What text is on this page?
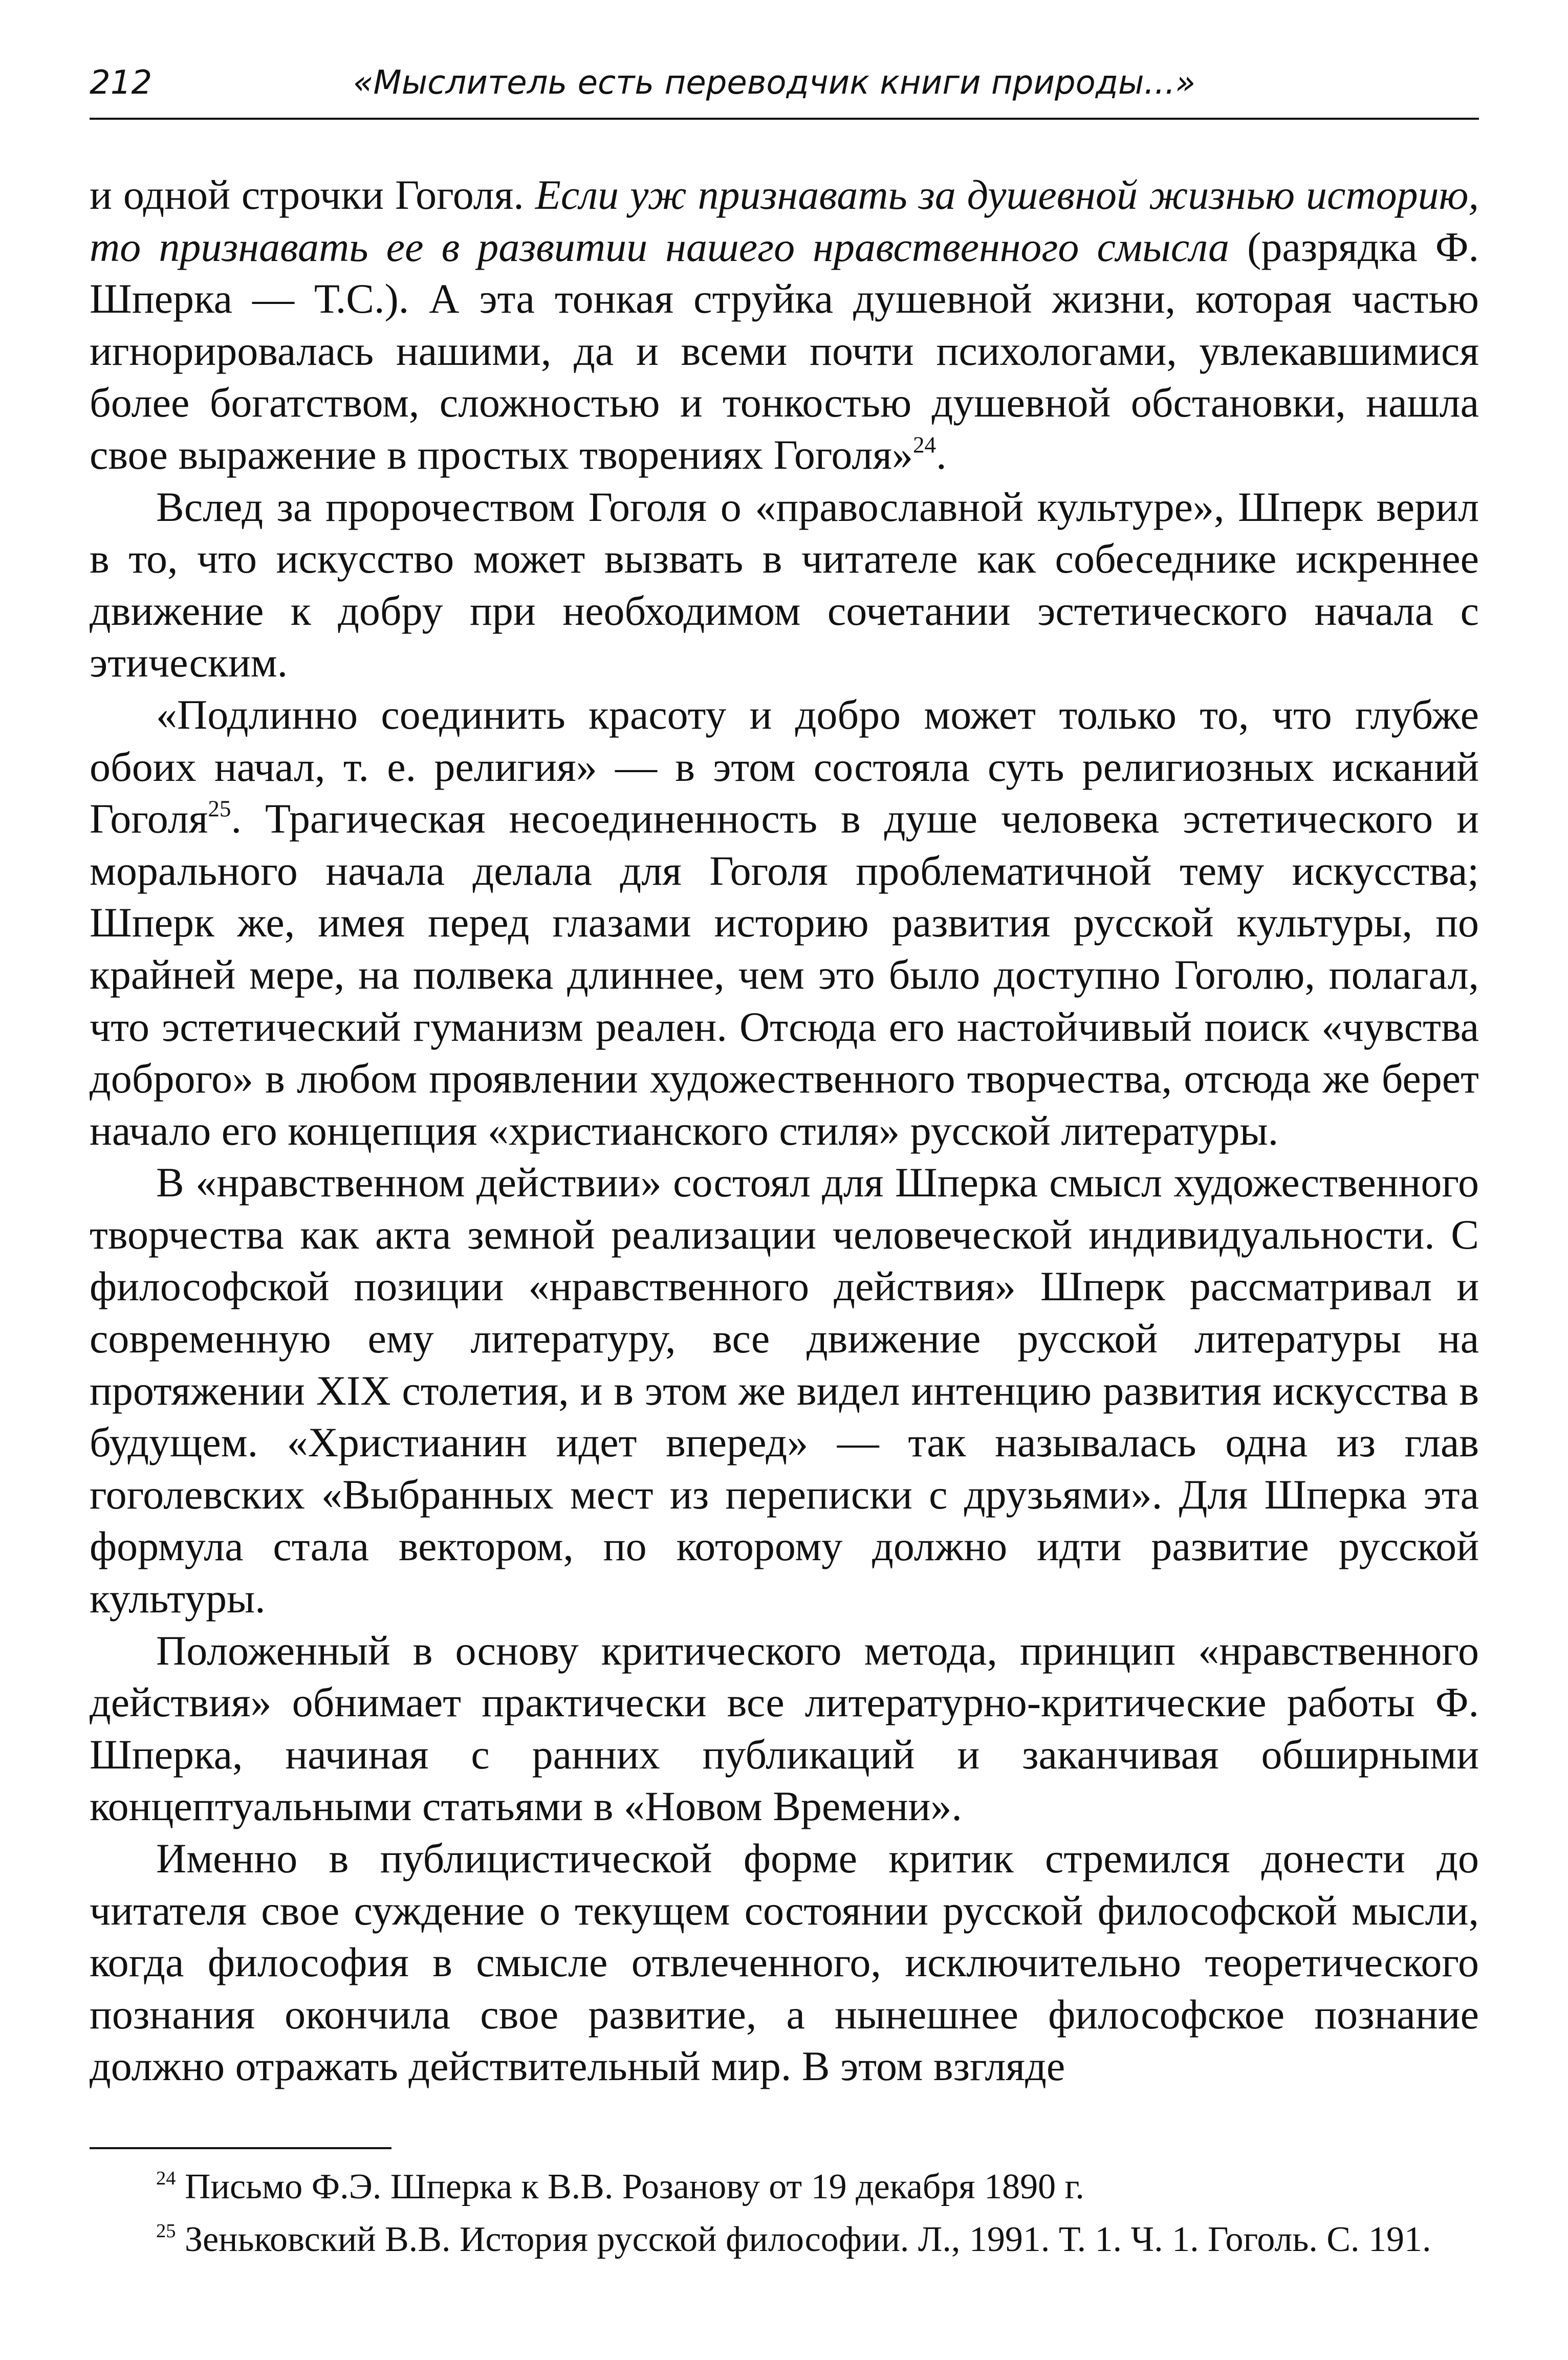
212	«Мыслитель есть переводчик книги природы...»

и одной строчки Гоголя. Если уж признавать за душевной жизнью историю, то признавать ее в развитии нашего нравственного смысла (разрядка Ф. Шперка — Т.С.). А эта тонкая струйка душевной жизни, которая частью игнорировалась нашими, да и всеми почти психологами, увлекавшимися более богатством, сложностью и тонкостью душевной обстановки, нашла свое выражение в простых творениях Гоголя»$^{24}$.

Вслед за пророчеством Гоголя о «православной культуре», Шперк верил в то, что искусство может вызвать в читателе как собеседнике искреннее движение к добру при необходимом сочетании эстетического начала с этическим.

«Подлинно соединить красоту и добро может только то, что глубже обоих начал, т. е. религия» — в этом состояла суть религиозных исканий Гоголя$^{25}$. Трагическая несоединенность в душе человека эстетического и морального начала делала для Гоголя проблематичной тему искусства; Шперк же, имея перед глазами историю развития русской культуры, по крайней мере, на полвека длиннее, чем это было доступно Гоголю, полагал, что эстетический гуманизм реален. Отсюда его настойчивый поиск «чувства доброго» в любом проявлении художественного творчества, отсюда же берет начало его концепция «христианского стиля» русской литературы.

В «нравственном действии» состоял для Шперка смысл художественного творчества как акта земной реализации человеческой индивидуальности. С философской позиции «нравственного действия» Шперк рассматривал и современную ему литературу, все движение русской литературы на протяжении XIX столетия, и в этом же видел интенцию развития искусства в будущем. «Христианин идет вперед» — так называлась одна из глав гоголевских «Выбранных мест из переписки с друзьями». Для Шперка эта формула стала вектором, по которому должно идти развитие русской культуры.

Положенный в основу критического метода, принцип «нравственного действия» обнимает практически все литературно-критические работы Ф. Шперка, начиная с ранних публикаций и заканчивая обширными концептуальными статьями в «Новом Времени».

Именно в публицистической форме критик стремился донести до читателя свое суждение о текущем состоянии русской философской мысли, когда философия в смысле отвлеченного, исключительно теоретического познания окончила свое развитие, а нынешнее философское познание должно отражать действительный мир. В этом взгляде

$^{24}$ Письмо Ф.Э. Шперка к В.В. Розанову от 19 декабря 1890 г.

$^{25}$ Зеньковский В.В. История русской философии. Л., 1991. Т. 1. Ч. 1. Гоголь. С. 191.
